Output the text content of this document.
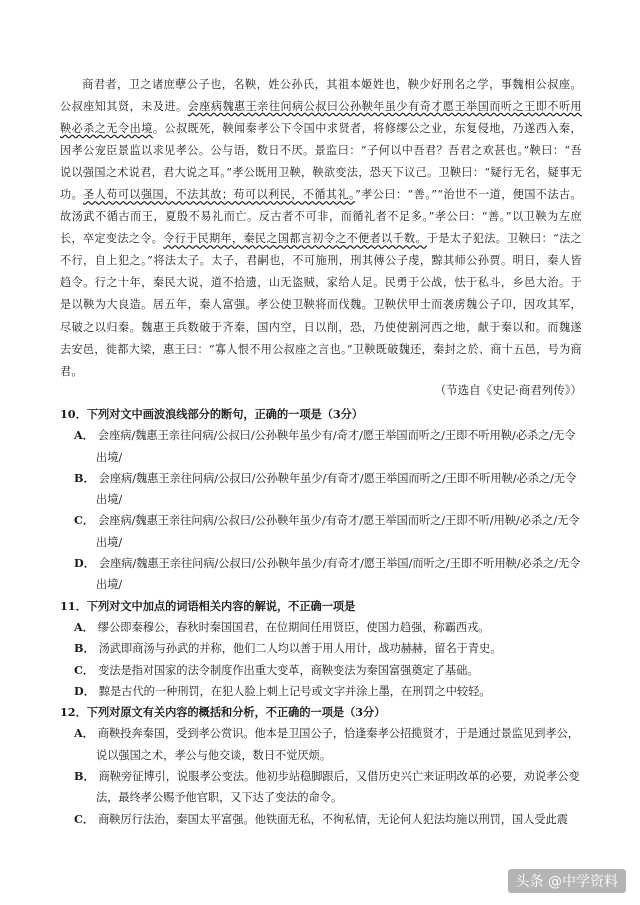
商君者，卫之诸庶孽公子也，名鞅，姓公孙氏，其祖本姬姓也，鞅少好刑名之学，事魏相公叔座。公叔座知其贤，未及进。会座病魏惠王亲往问病公叔曰公孙鞅年虽少有奇才愿王举国而听之王即不听用鞅必杀之无令出境。公叔既死，鞅闻秦孝公下令国中求贤者，将修缪公之业，东复侵地，乃遂西入秦，因孝公宠臣景监以求见孝公。公与语，数日不厌。景监曰：“子何以中吾君？吾君之欢甚也。”鞅曰：“吾说以强国之术说君，君大说之耳。”孝公既用卫鞅，鞅欲变法，恐天下议己。卫鞅曰：“疑行无名，疑事无功。圣人苟可以强国，不法其故；苟可以利民，不循其礼。”孝公曰：“善。”“治世不一道，便国不法古。故汤武不循古而王，夏殷不易礼而亡。反古者不可非，而循礼者不足多。”孝公曰：“善。”以卫鞅为左庶长，卒定变法之令。令行于民期年，秦民之国都言初令之不便者以千数。于是太子犯法。卫鞅曰：“法之不行，自上犯之。”将法太子。太子，君嗣也，不可施刑，刑其傅公子虔，黥其师公孙贾。明日，秦人皆趋令。行之十年，秦民大说，道不拾遗，山无盗贼，家给人足。民勇于公战，怯于私斗，乡邑大治。于是以鞅为大良造。居五年，秦人富强。孝公使卫鞅将而伐魏。卫鞅伏甲士而袭虏魏公子卬，因攻其军，尽破之以归秦。魏惠王兵数破于齐秦，国内空，日以削，恐，乃使使割河西之地，献于秦以和。而魏遂去安邑，徙都大梁，惠王曰：“寡人恨不用公叔座之言也。”卫鞅既破魏还，秦封之於、商十五邑，号为商君。

（节选自《史记·商君列传》）

10．下列对文中画波浪线部分的断句，正确的一项是（3分）

A． 会座病/魏惠王亲往问病/公叔曰/公孙鞅年虽少有/奇才/愿王举国而听之/王即不听用鞅/必杀之/无令出境/

B． 会座病/魏惠王亲往问病/公叔曰/公孙鞅年虽少/有奇才/愿王举国而听之/王即不听用鞅/必杀之/无令出境/

C． 会座病/魏惠王亲往问病/公叔曰/公孙鞅年虽少/有奇才/愿王举国而听之/王即不听/用鞅/必杀之/无令出境/

D． 会座病/魏惠王亲往问病/公叔曰/公孙鞅年虽少/有奇才/愿王举国/而听之/王即不听用鞅/必杀之/无令出境/

11．下列对文中加点的词语相关内容的解说，不正确一项是

A． 缪公即秦穆公，春秋时秦国国君，在位期间任用贤臣，使国力趋强，称霸西戎。

B． 汤武即商汤与孙武的并称，他们二人均以善于用人用计，战功赫赫，留名于青史。

C． 变法是指对国家的法令制度作出重大变革，商鞅变法为秦国富强奠定了基础。

D． 黥是古代的一种刑罚，在犯人脸上刺上记号或文字并涂上墨，在刑罚之中较轻。

12．下列对原文有关内容的概括和分析，不正确的一项是（3分）

A． 商鞅投奔秦国，受到孝公赏识。他本是卫国公子，恰逢秦孝公招揽贤才，于是通过景监见到孝公，说以强国之术，孝公与他交谈，数日不觉厌烦。

B． 商鞅旁征博引，说服孝公变法。他初步站稳脚跟后，又借历史兴亡来证明改革的必要，劝说孝公变法，最终孝公赐予他官职，又下达了变法的命令。

C． 商鞅厉行法治，秦国太平富强。他铁面无私，不徇私情，无论何人犯法均施以刑罚，国人受此震

头条 @中学资料
